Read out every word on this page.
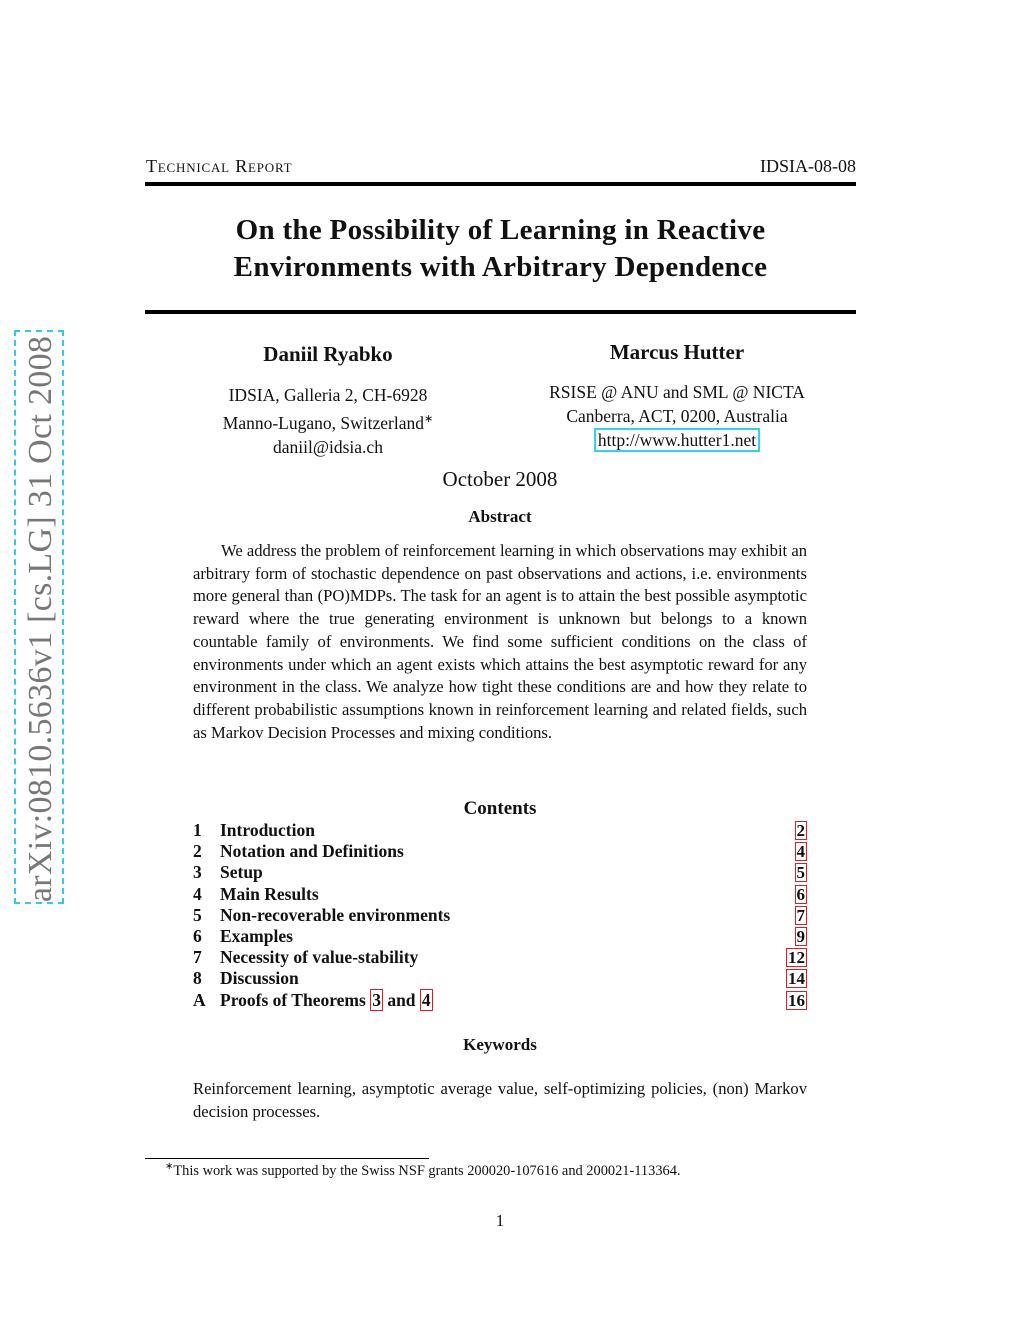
arXiv:0810.5636v1 [cs.LG] 31 Oct 2008
Technical Report	IDSIA-08-08
On the Possibility of Learning in Reactive
Environments with Arbitrary Dependence
Daniil Ryabko
IDSIA, Galleria 2, CH-6928
Manno-Lugano, Switzerland∗
daniil@idsia.ch
Marcus Hutter
RSISE @ ANU and SML @ NICTA
Canberra, ACT, 0200, Australia
http://www.hutter1.net
October 2008
Abstract
We address the problem of reinforcement learning in which observations may exhibit an arbitrary form of stochastic dependence on past observations and actions, i.e. environments more general than (PO)MDPs. The task for an agent is to attain the best possible asymptotic reward where the true generating environment is unknown but belongs to a known countable family of environments. We find some sufficient conditions on the class of environments under which an agent exists which attains the best asymptotic reward for any environment in the class. We analyze how tight these conditions are and how they relate to different probabilistic assumptions known in reinforcement learning and related fields, such as Markov Decision Processes and mixing conditions.
Contents
1 Introduction	2
2 Notation and Definitions	4
3 Setup	5
4 Main Results	6
5 Non-recoverable environments	7
6 Examples	9
7 Necessity of value-stability	12
8 Discussion	14
A Proofs of Theorems 3 and 4	16
Keywords
Reinforcement learning, asymptotic average value, self-optimizing policies, (non) Markov decision processes.
∗This work was supported by the Swiss NSF grants 200020-107616 and 200021-113364.
1
